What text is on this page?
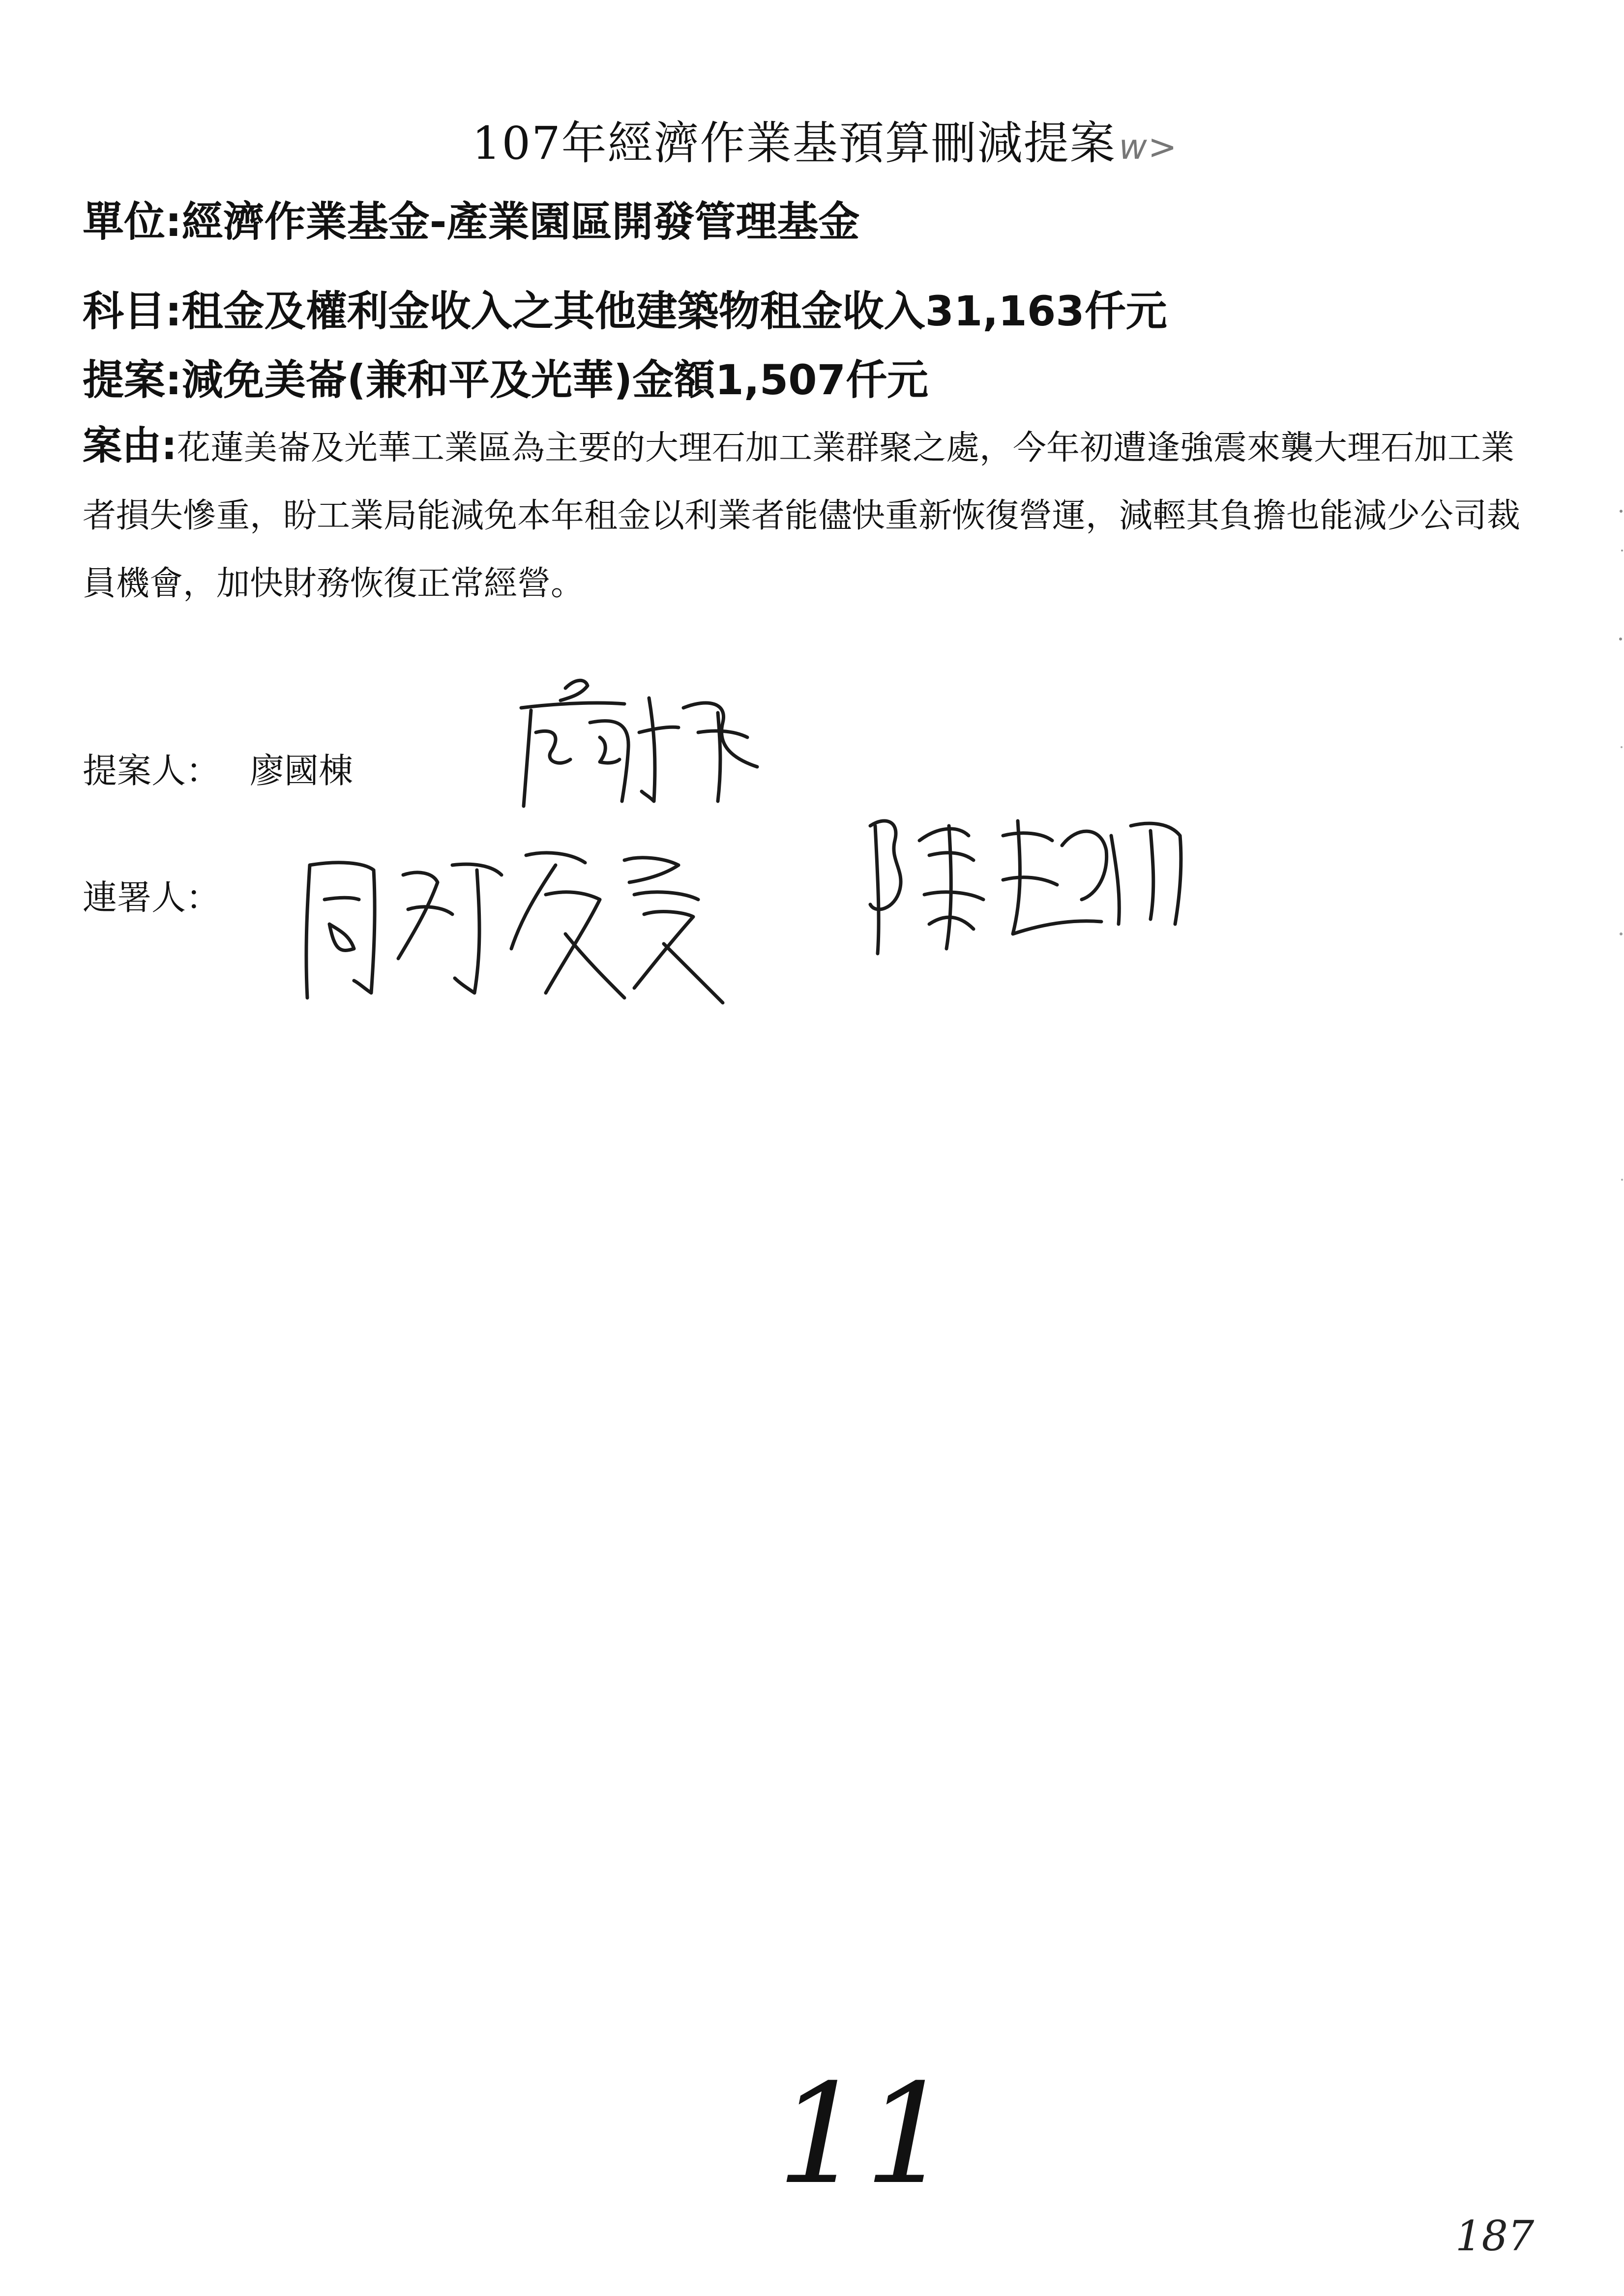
107年經濟作業基預算刪減提案w>
單位:經濟作業基金-產業園區開發管理基金
科目:租金及權利金收入之其他建築物租金收入31,163仟元
提案:減免美崙(兼和平及光華)金額1,507仟元
案由:花蓮美崙及光華工業區為主要的大理石加工業群聚之處，今年初遭逢強震來襲大理石加工業者損失慘重，盼工業局能減免本年租金以利業者能儘快重新恢復營運，減輕其負擔也能減少公司裁員機會，加快財務恢復正常經營。
提案人： 廖國棟
連署人：
11
187
